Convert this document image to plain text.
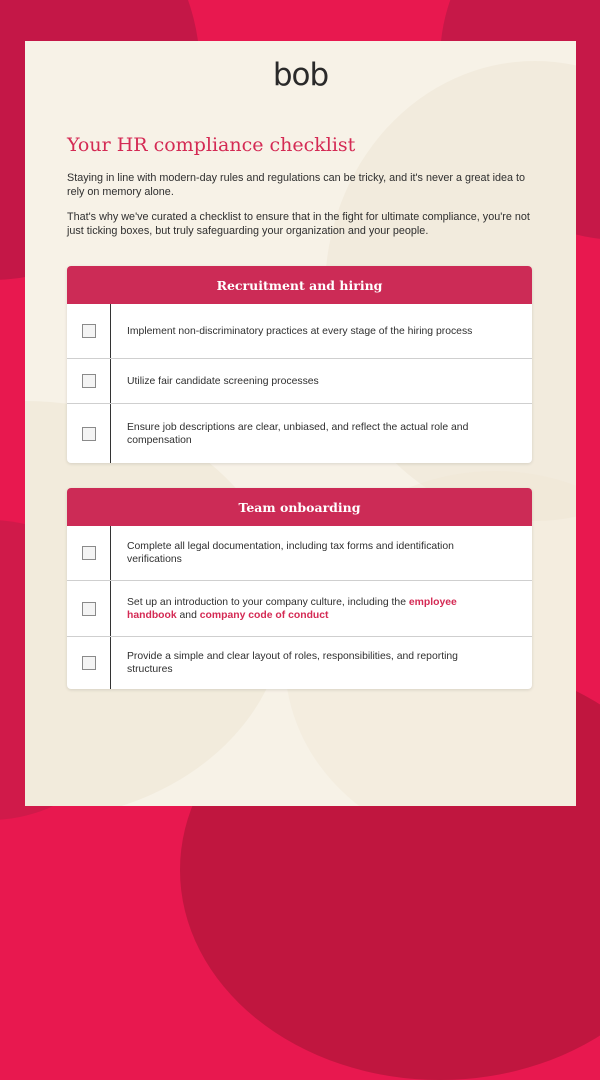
bob
Your HR compliance checklist

Staying in line with modern-day rules and regulations can be tricky, and it's never a great idea to rely on memory alone.

That's why we've curated a checklist to ensure that in the fight for ultimate compliance, you're not just ticking boxes, but truly safeguarding your organization and your people.

Recruitment and hiring
Implement non-discriminatory practices at every stage of the hiring process
Utilize fair candidate screening processes
Ensure job descriptions are clear, unbiased, and reflect the actual role and compensation
Team onboarding
Complete all legal documentation, including tax forms and identification verifications
Set up an introduction to your company culture, including the employee handbook and company code of conduct
Provide a simple and clear layout of roles, responsibilities, and reporting structures
